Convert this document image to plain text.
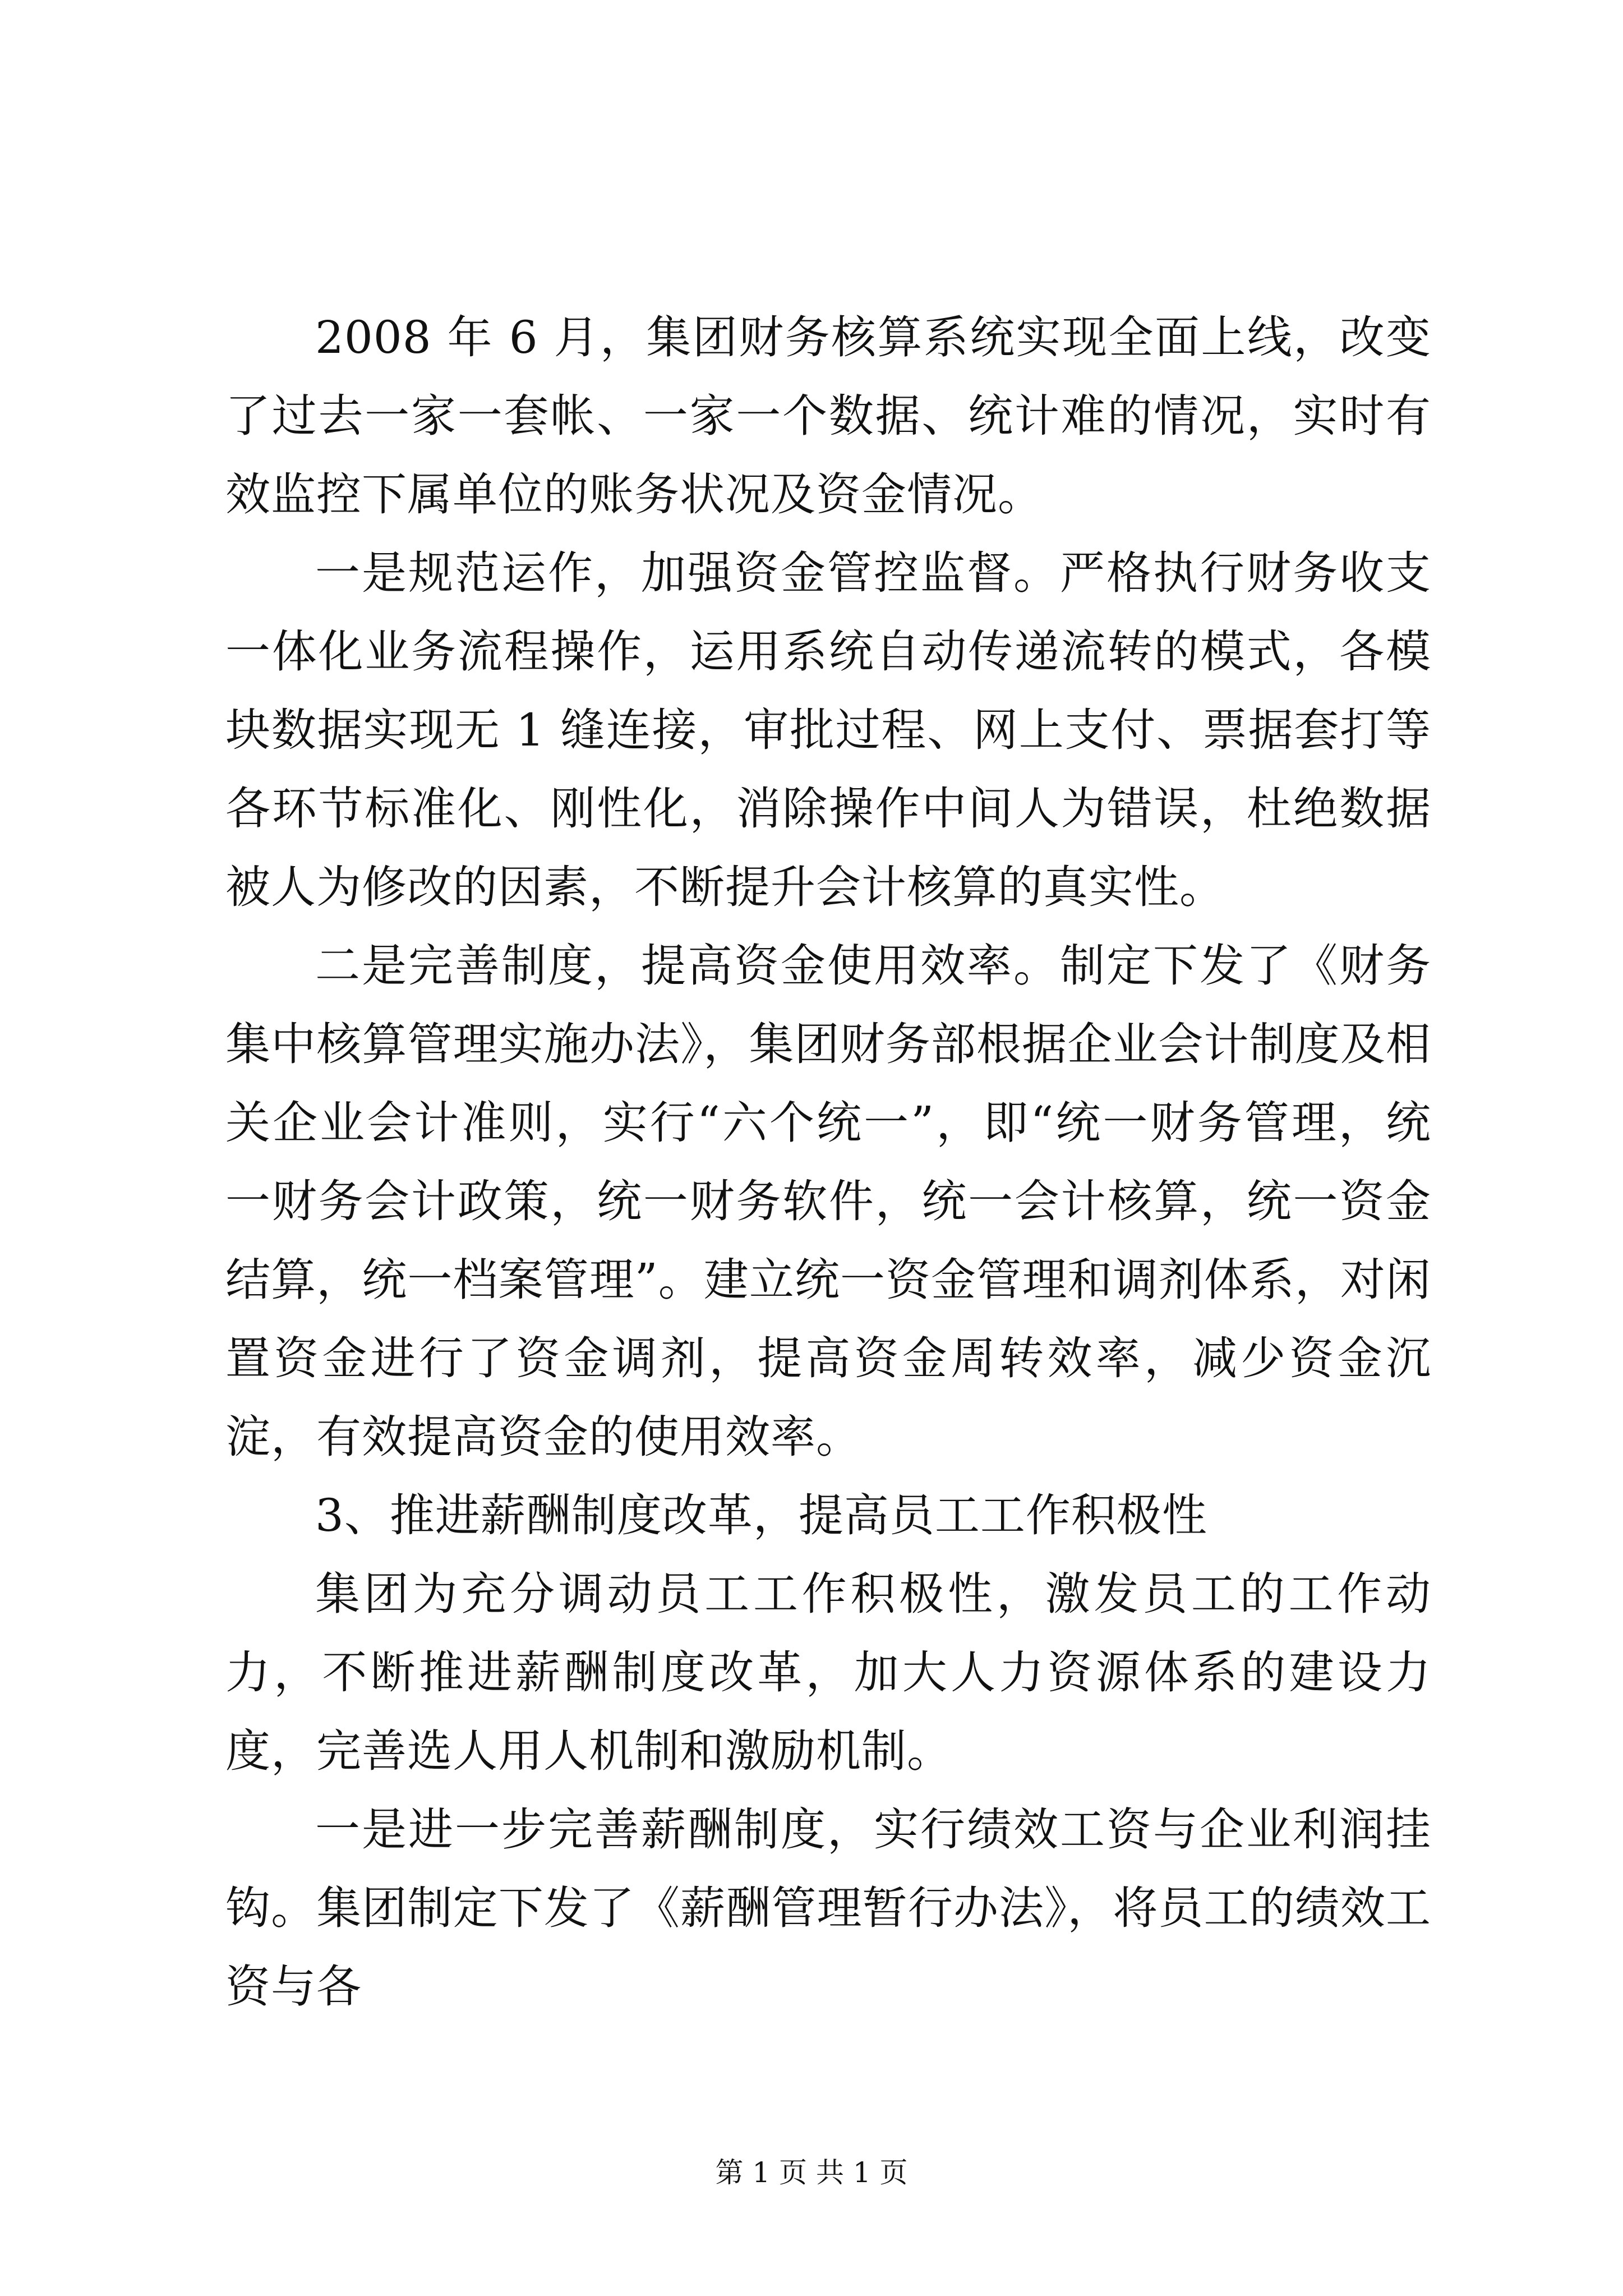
2008 年 6 月，集团财务核算系统实现全面上线，改变了过去一家一套帐、一家一个数据、统计难的情况，实时有效监控下属单位的账务状况及资金情况。

一是规范运作，加强资金管控监督。严格执行财务收支一体化业务流程操作，运用系统自动传递流转的模式，各模块数据实现无 1 缝连接，审批过程、网上支付、票据套打等各环节标准化、刚性化，消除操作中间人为错误，杜绝数据被人为修改的因素，不断提升会计核算的真实性。

二是完善制度，提高资金使用效率。制定下发了《财务集中核算管理实施办法》，集团财务部根据企业会计制度及相关企业会计准则，实行“六个统一”，即“统一财务管理，统一财务会计政策，统一财务软件，统一会计核算，统一资金结算，统一档案管理”。建立统一资金管理和调剂体系，对闲置资金进行了资金调剂，提高资金周转效率，减少资金沉淀，有效提高资金的使用效率。

3、推进薪酬制度改革，提高员工工作积极性

集团为充分调动员工工作积极性，激发员工的工作动力，不断推进薪酬制度改革，加大人力资源体系的建设力度，完善选人用人机制和激励机制。

一是进一步完善薪酬制度，实行绩效工资与企业利润挂钩。集团制定下发了《薪酬管理暂行办法》，将员工的绩效工资与各

第 1 页 共 1 页
